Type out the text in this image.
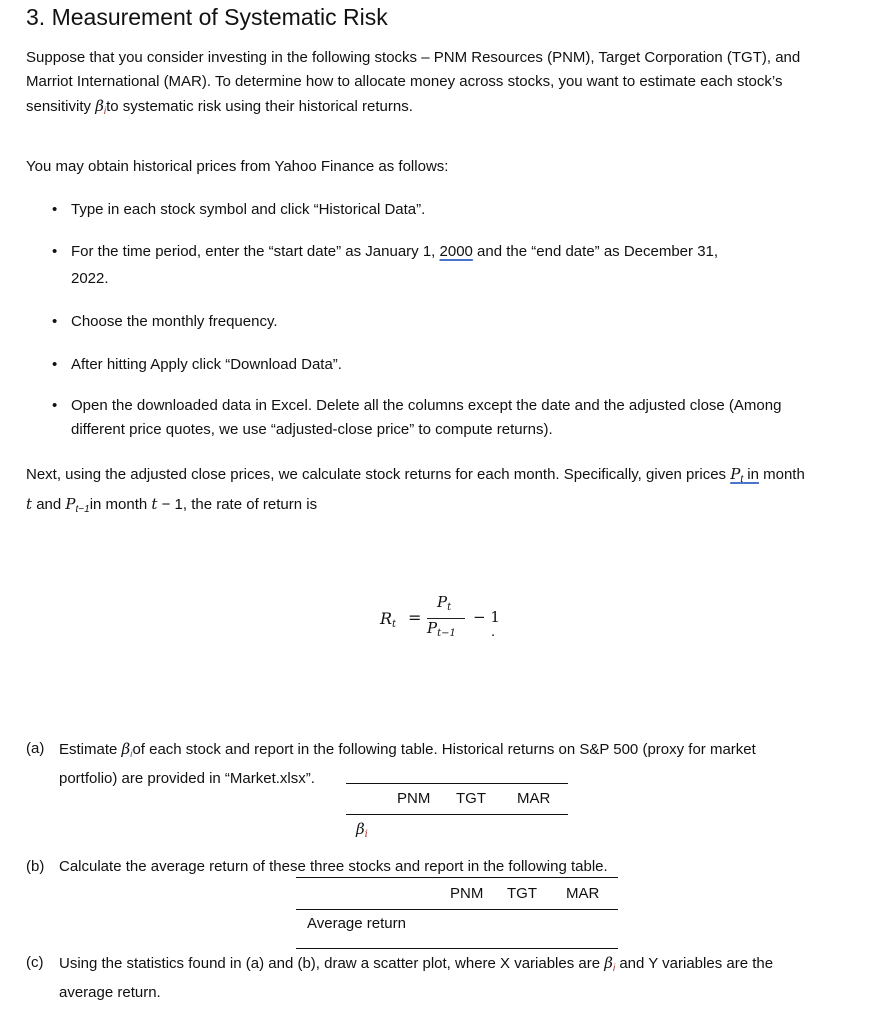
3. Measurement of Systematic Risk
Suppose that you consider investing in the following stocks – PNM Resources (PNM), Target Corporation (TGT), and
Marriot International (MAR). To determine how to allocate money across stocks, you want to estimate each stock’s
sensitivity $\beta_ito$ systematic risk using their historical returns.
You may obtain historical prices from Yahoo Finance as follows:
• Type in each stock symbol and click “Historical Data”.
• For the time period, enter the “start date” as January 1, 2000 and the “end date” as December 31,
2022.
• Choose the monthly frequency.
• After hitting Apply click “Download Data”.
• Open the downloaded data in Excel. Delete all the columns except the date and the adjusted close (Among
different price quotes, we use “adjusted-close price” to compute returns).
Next, using the adjusted close prices, we calculate stock returns for each month. Specifically, given prices $P_t$ in month
t and $P_{t-1}in$ month t − 1, the rate of return is
$R_t$ =
$P_t$
$P_{t-1}$
− 1
.
(a) Estimate $\beta_iof$ each stock and report in the following table. Historical returns on S&P 500 (proxy for market
portfolio) are provided in “Market.xlsx”.
PNM TGT MAR
$\beta_i$
(b) Calculate the average return of these three stocks and report in the following table.
PNM TGT MAR
Average return
(c) Using the statistics found in (a) and (b), draw a scatter plot, where X variables are $\beta_i$ and Y variables are the
average return.
